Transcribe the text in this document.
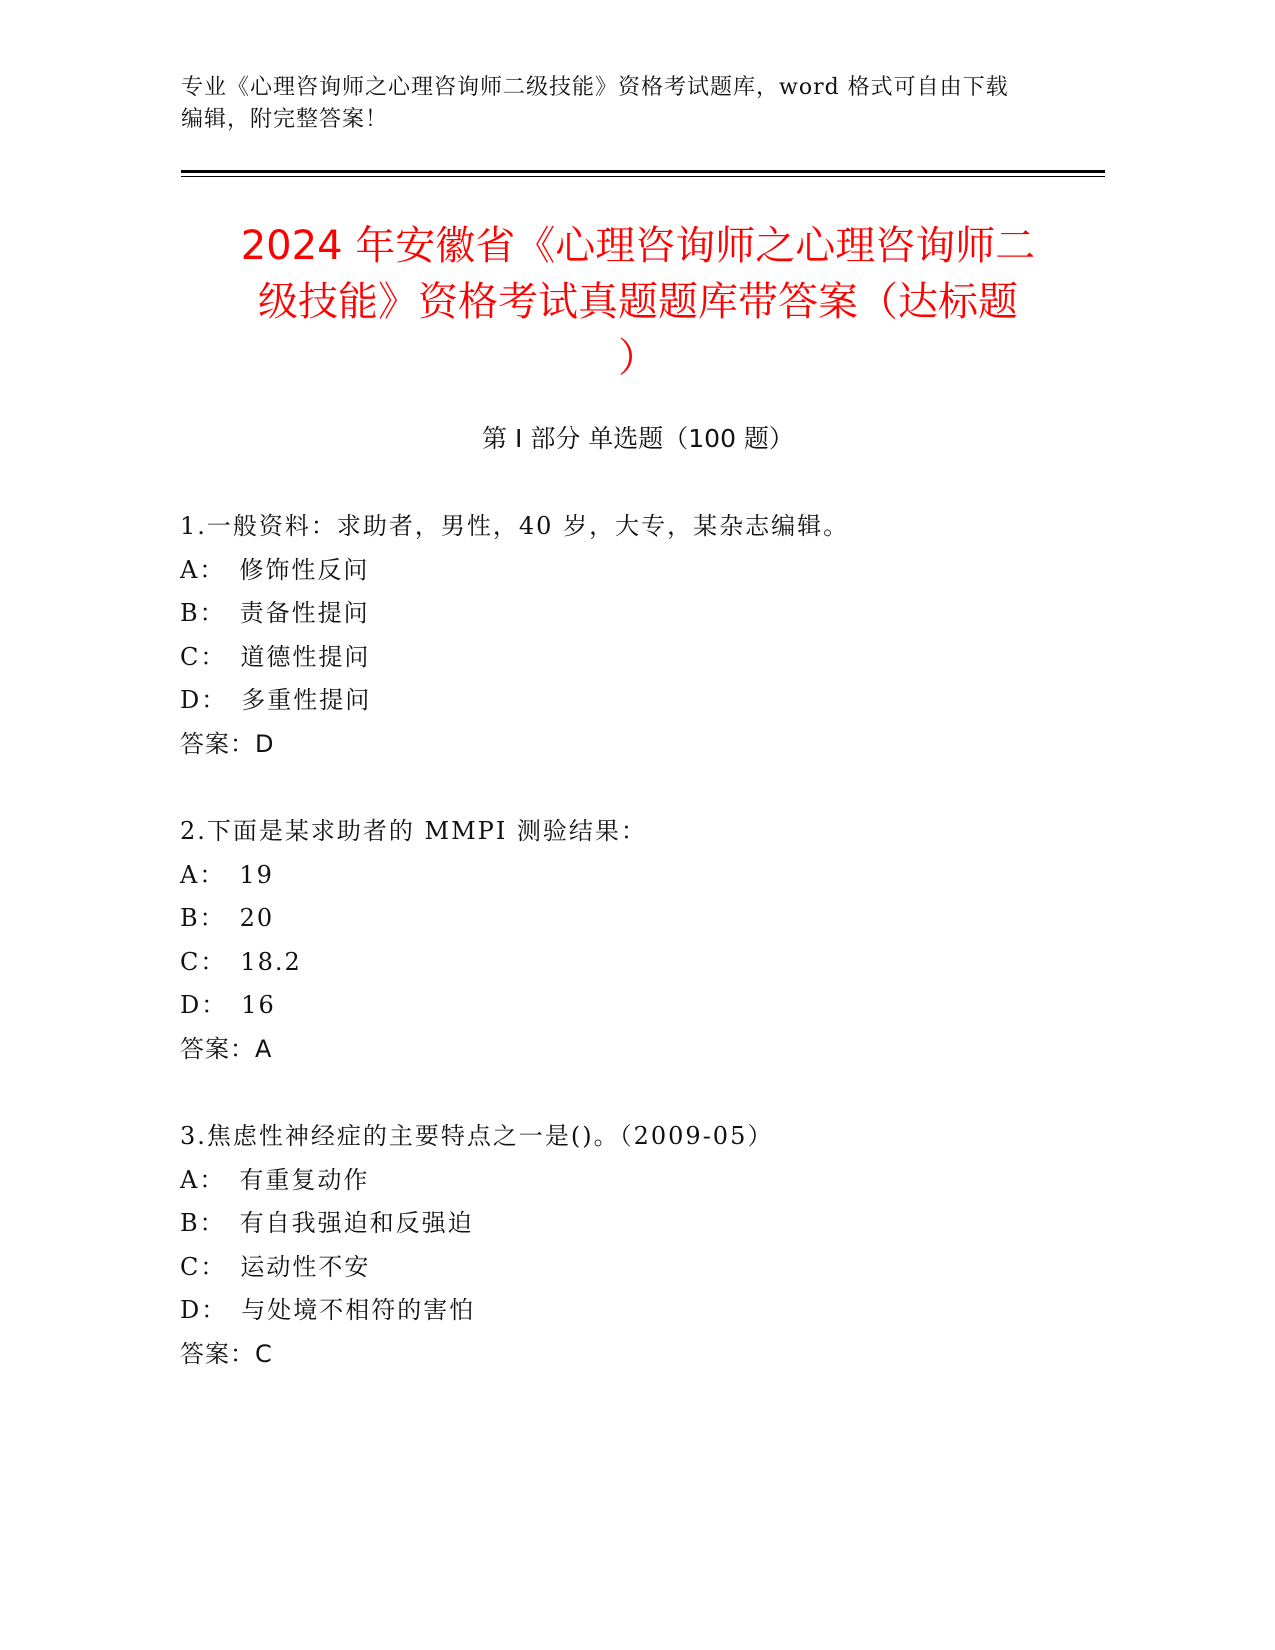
专业《心理咨询师之心理咨询师二级技能》资格考试题库，word 格式可自由下载
编辑，附完整答案！
2024 年安徽省《心理咨询师之心理咨询师二
级技能》资格考试真题题库带答案（达标题
）
第 I 部分 单选题（100 题）
1.一般资料：求助者，男性，40 岁，大专，某杂志编辑。
A： 修饰性反问
B： 责备性提问
C： 道德性提问
D： 多重性提问
答案：D
2.下面是某求助者的 MMPI 测验结果：
A： 19
B： 20
C： 18.2
D： 16
答案：A
3.焦虑性神经症的主要特点之一是()。（2009-05）
A： 有重复动作
B： 有自我强迫和反强迫
C： 运动性不安
D： 与处境不相符的害怕
答案：C
